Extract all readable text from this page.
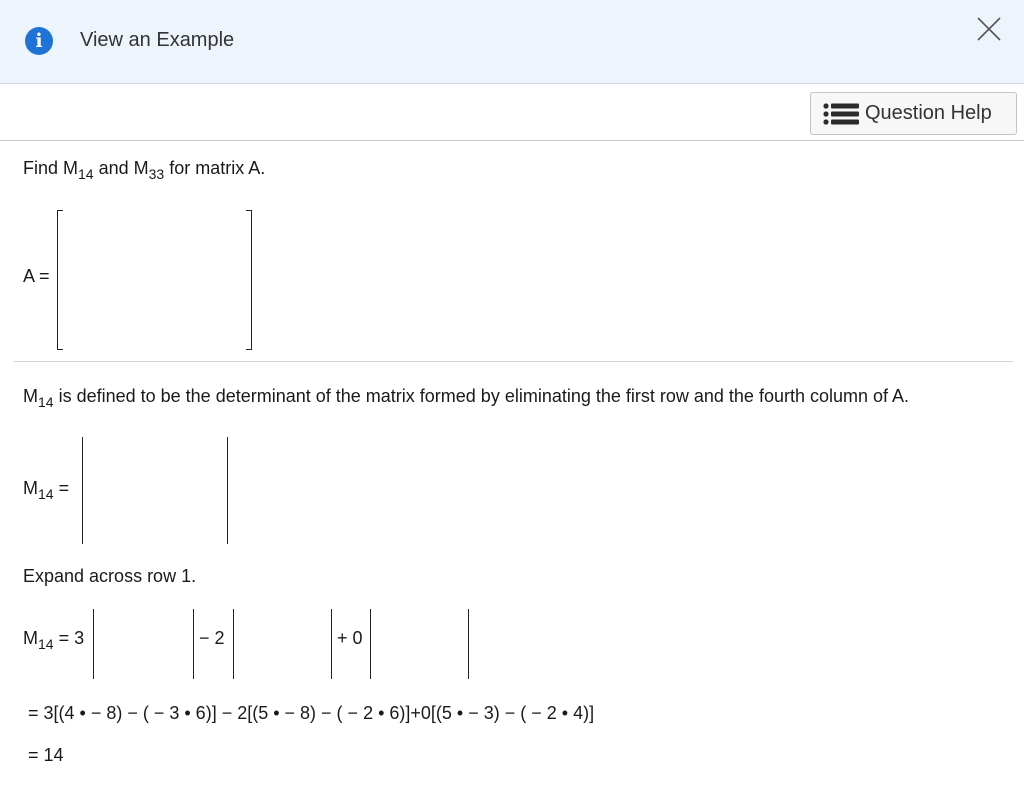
i	View an Example
Question Help
Find $M_{14}$ and $M_{33}$ for matrix A.
A =
$M_{14}$ is defined to be the determinant of the matrix formed by eliminating the first row and the fourth column of A.
$M_{14}$ =
Expand across row 1.
$M_{14} = 3$	− 2	+ 0
= 3[(4 • − 8) − ( − 3 • 6)] − 2[(5 • − 8) − ( − 2 • 6)]+0[(5 • − 3) − ( − 2 • 4)]
= 14
